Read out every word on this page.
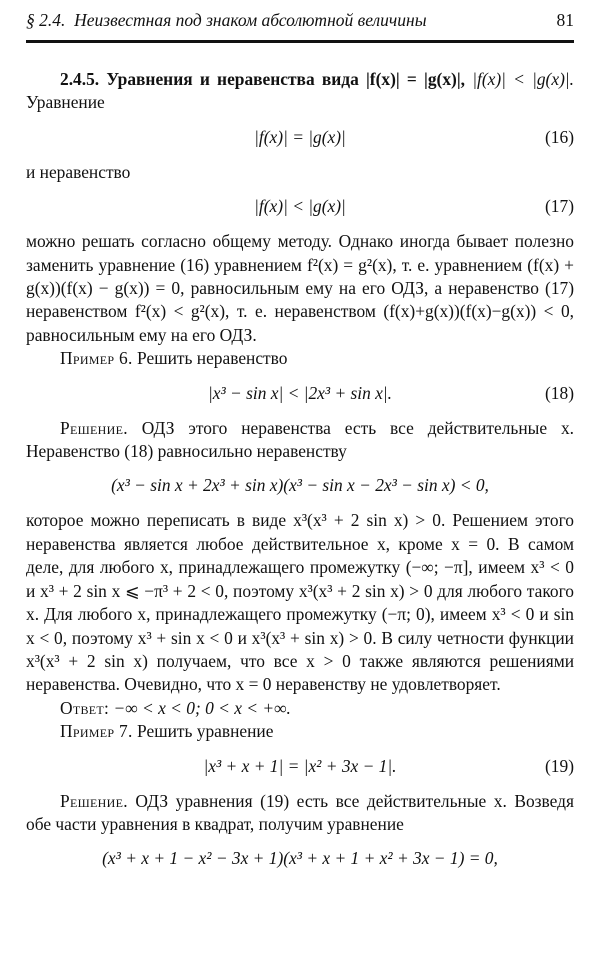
§ 2.4. Неизвестная под знаком абсолютной величины	81

2.4.5. Уравнения и неравенства вида |f(x)| = |g(x)|, |f(x)| < |g(x)|. Уравнение

|f(x)| = |g(x)|	(16)

и неравенство

|f(x)| < |g(x)|	(17)

можно решать согласно общему методу. Однако иногда бывает полезно заменить уравнение (16) уравнением f²(x) = g²(x), т. е. уравнением (f(x) + g(x))(f(x) − g(x)) = 0, равносильным ему на его ОДЗ, а неравенство (17) неравенством f²(x) < g²(x), т. е. неравенством (f(x)+g(x))(f(x)−g(x)) < 0, равносильным ему на его ОДЗ.

Пример 6. Решить неравенство

|x³ − sin x| < |2x³ + sin x|.	(18)

Решение. ОДЗ этого неравенства есть все действительные x. Неравенство (18) равносильно неравенству

(x³ − sin x + 2x³ + sin x)(x³ − sin x − 2x³ − sin x) < 0,

которое можно переписать в виде x³(x³ + 2 sin x) > 0. Решением этого неравенства является любое действительное x, кроме x = 0. В самом деле, для любого x, принадлежащего промежутку (−∞; −π], имеем x³ < 0 и x³ + 2 sin x ⩽ −π³ + 2 < 0, поэтому x³(x³ + 2 sin x) > 0 для любого такого x. Для любого x, принадлежащего промежутку (−π; 0), имеем x³ < 0 и sin x < 0, поэтому x³ + sin x < 0 и x³(x³ + sin x) > 0. В силу четности функции x³(x³ + 2 sin x) получаем, что все x > 0 также являются решениями неравенства. Очевидно, что x = 0 неравенству не удовлетворяет.

Ответ: −∞ < x < 0; 0 < x < +∞.

Пример 7. Решить уравнение

|x³ + x + 1| = |x² + 3x − 1|.	(19)

Решение. ОДЗ уравнения (19) есть все действительные x. Возведя обе части уравнения в квадрат, получим уравнение

(x³ + x + 1 − x² − 3x + 1)(x³ + x + 1 + x² + 3x − 1) = 0,
